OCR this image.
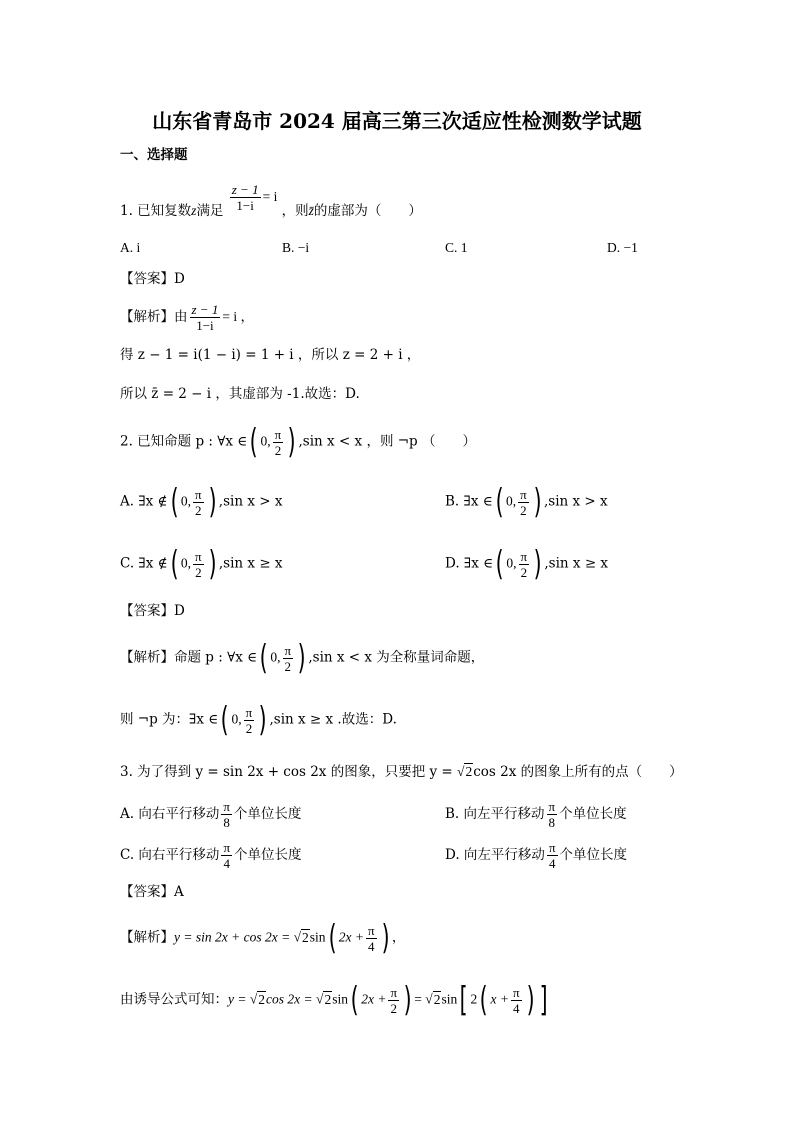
山东省青岛市 2024 届高三第三次适应性检测数学试题
一、选择题
1. 已知复数z满足 $\frac{z - 1}{1-i} = i$ ，则z̄的虚部为（　　）
A. i	B. −i	C. 1	D. −1
【答案】D
【解析】由 $\frac{z - 1}{1-i} = i$ ，
得 z − 1 = i(1 − i) = 1 + i ，所以 z = 2 + i ，
所以 z̄ = 2 − i ，其虚部为 -1.故选：D.
2. 已知命题 p : ∀x ∈( 0, $\frac{\pi}{2}$ ) ,sin x < x ，则 ¬p （　　）
A. ∃x ∉( 0, $\frac{\pi}{2}$ ) ,sin x > x	B. ∃x ∈( 0, $\frac{\pi}{2}$ ) ,sin x > x
C. ∃x ∉( 0, $\frac{\pi}{2}$ ) ,sin x ≥ x	D. ∃x ∈( 0, $\frac{\pi}{2}$ ) ,sin x ≥ x
【答案】D
【解析】命题 p : ∀x ∈( 0, $\frac{\pi}{2}$ ) ,sin x < x 为全称量词命题，
则 ¬p 为：∃x ∈( 0, $\frac{\pi}{2}$ ) ,sin x ≥ x .故选：D.
3. 为了得到 y = sin 2x + cos 2x 的图象，只要把 y = √2cos 2x 的图象上所有的点（　　）
A. 向右平行移动 $\frac{\pi}{8}$ 个单位长度	B. 向左平行移动 $\frac{\pi}{8}$ 个单位长度
C. 向右平行移动 $\frac{\pi}{4}$ 个单位长度	D. 向左平行移动 $\frac{\pi}{4}$ 个单位长度
【答案】A
【解析】y = sin 2x + cos 2x = √2sin( $2x + \frac{\pi}{4}$ ) ，
由诱导公式可知：y = √2cos 2x = √2sin( $2x + \frac{\pi}{2}$ ) = √2sin[ 2( $x + \frac{\pi}{4}$ ) ]
